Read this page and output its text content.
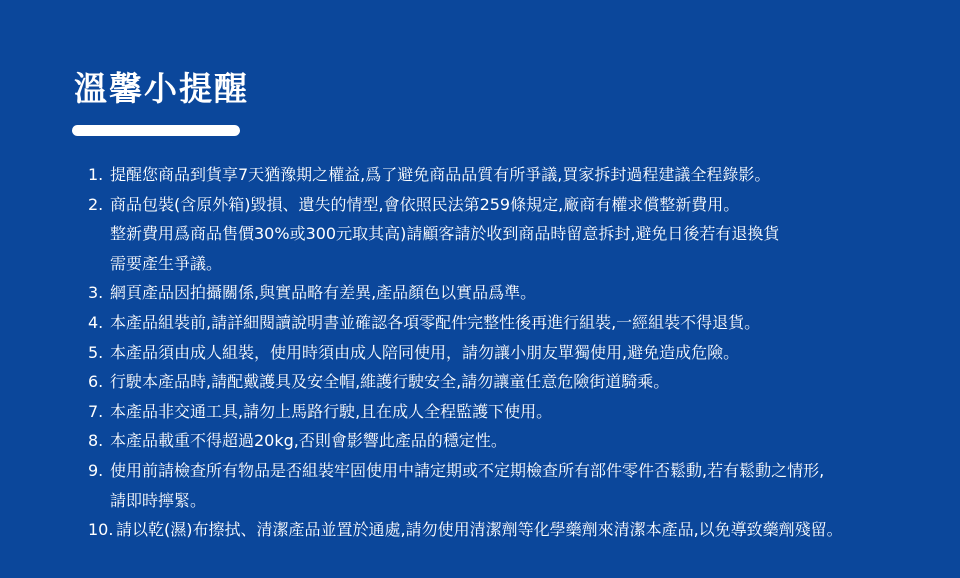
溫馨小提醒
1. 提醒您商品到貨享7天猶豫期之權益,爲了避免商品品質有所爭議,買家拆封過程建議全程錄影。
2. 商品包裝(含原外箱)毀損、遺失的情型,會依照民法第259條規定,廠商有權求償整新費用。
整新費用爲商品售價30%或300元取其高)請顧客請於收到商品時留意拆封,避免日後若有退換貨
需要產生爭議。
3. 網頁產品因拍攝關係,與實品略有差異,產品顏色以實品爲準。
4. 本產品組裝前,請詳細閱讀說明書並確認各項零配件完整性後再進行組裝,一經組裝不得退貨。
5. 本產品須由成人組裝，使用時須由成人陪同使用，請勿讓小朋友單獨使用,避免造成危險。
6. 行駛本產品時,請配戴護具及安全帽,維護行駛安全,請勿讓童任意危險街道騎乘。
7. 本產品非交通工具,請勿上馬路行駛,且在成人全程監護下使用。
8. 本產品載重不得超過20kg,否則會影響此產品的穩定性。
9. 使用前請檢查所有物品是否組裝牢固使用中請定期或不定期檢查所有部件零件否鬆動,若有鬆動之情形,
請即時擰緊。
10. 請以乾(濕)布擦拭、清潔產品並置於通處,請勿使用清潔劑等化學藥劑來清潔本產品,以免導致藥劑殘留。
